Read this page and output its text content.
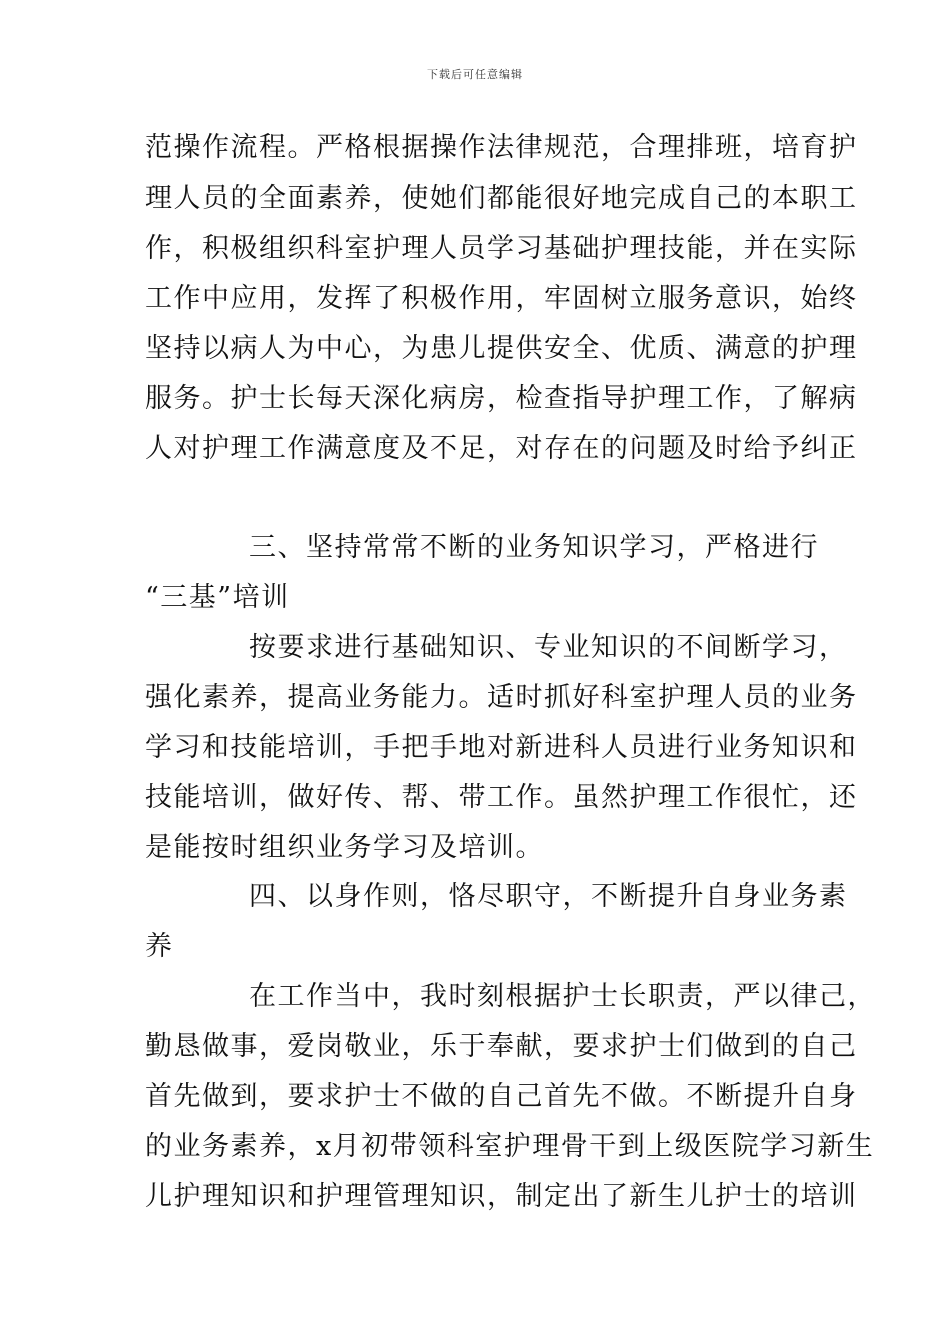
下载后可任意编辑
范操作流程。严格根据操作法律规范，合理排班，培育护
理人员的全面素养，使她们都能很好地完成自己的本职工
作，积极组织科室护理人员学习基础护理技能，并在实际
工作中应用，发挥了积极作用，牢固树立服务意识，始终
坚持以病人为中心，为患儿提供安全、优质、满意的护理
服务。护士长每天深化病房，检查指导护理工作，了解病
人对护理工作满意度及不足，对存在的问题及时给予纠正
三、坚持常常不断的业务知识学习，严格进行
“三基”培训
按要求进行基础知识、专业知识的不间断学习，
强化素养，提高业务能力。适时抓好科室护理人员的业务
学习和技能培训，手把手地对新进科人员进行业务知识和
技能培训，做好传、帮、带工作。虽然护理工作很忙，还
是能按时组织业务学习及培训。
四、以身作则，恪尽职守，不断提升自身业务素
养
在工作当中，我时刻根据护士长职责，严以律己，
勤恳做事，爱岗敬业，乐于奉献，要求护士们做到的自己
首先做到，要求护士不做的自己首先不做。不断提升自身
的业务素养，x月初带领科室护理骨干到上级医院学习新生
儿护理知识和护理管理知识，制定出了新生儿护士的培训
